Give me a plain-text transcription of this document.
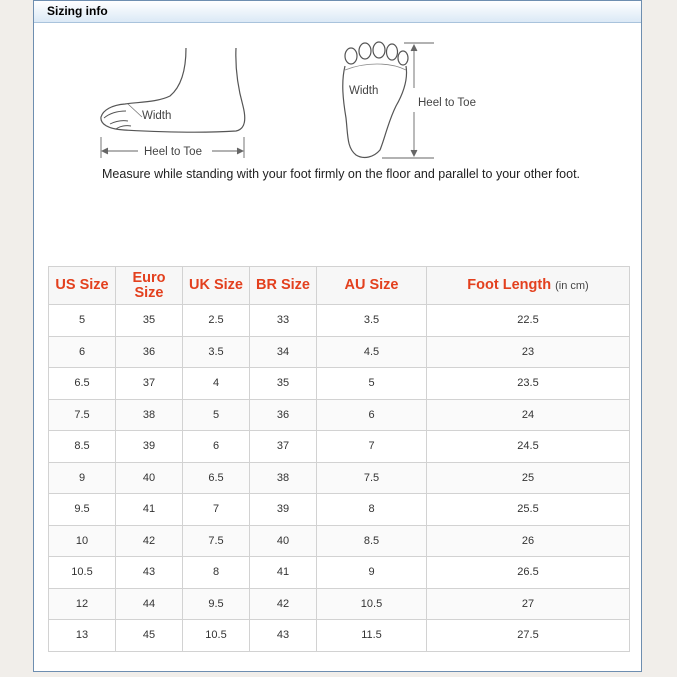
Sizing info
Width
Heel to Toe
Width
Heel to Toe
Measure while standing with your foot firmly on the floor and parallel to your other foot.
US Size	Euro Size	UK Size	BR Size	AU Size	Foot Length (in cm)
5	35	2.5	33	3.5	22.5
6	36	3.5	34	4.5	23
6.5	37	4	35	5	23.5
7.5	38	5	36	6	24
8.5	39	6	37	7	24.5
9	40	6.5	38	7.5	25
9.5	41	7	39	8	25.5
10	42	7.5	40	8.5	26
10.5	43	8	41	9	26.5
12	44	9.5	42	10.5	27
13	45	10.5	43	11.5	27.5
